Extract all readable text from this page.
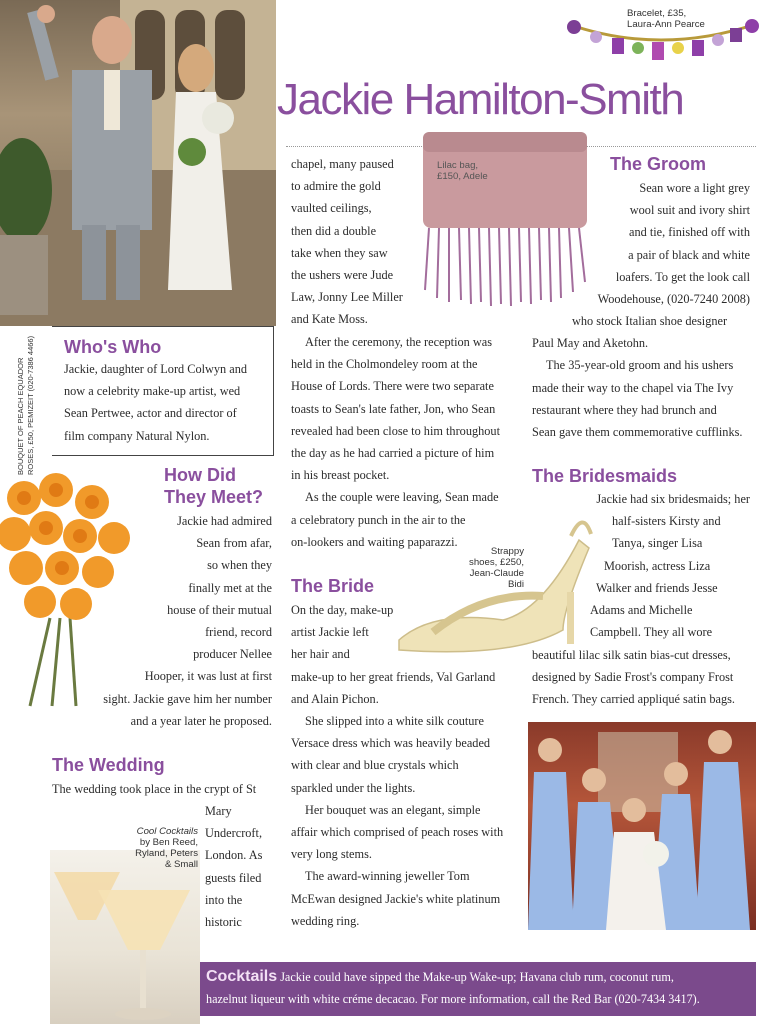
Bracelet, £35,
Laura-Ann Pearce
Jackie Hamilton-Smith
Lilac bag,
£150, Adele
BOUQUET OF PEACH EQUADOR ROSES, £50, PEMIZEIT (020-7386 4466) Who's Who
Jackie, daughter of Lord Colwyn and
now a celebrity make-up artist, wed
Sean Pertwee, actor and director of
film company Natural Nylon.
How Did
They Meet?
Jackie had admired
Sean from afar,
so when they
finally met at the
house of their mutual
friend, record
producer Nellee
Hooper, it was lust at first
sight. Jackie gave him her number
and a year later he proposed.
The Wedding
The wedding took place in the crypt of St
Mary
Undercroft,
London. As
guests filed
into the
historic
Cool Cocktails
by Ben Reed,
Ryland, Peters
& Small
chapel, many paused
to admire the gold
vaulted ceilings,
then did a double
take when they saw
the ushers were Jude
Law, Jonny Lee Miller
and Kate Moss.
After the ceremony, the reception was
held in the Cholmondeley room at the
House of Lords. There were two separate
toasts to Sean's late father, Jon, who Sean
revealed had been close to him throughout
the day as he had carried a picture of him
in his breast pocket.
As the couple were leaving, Sean made
a celebratory punch in the air to the
on-lookers and waiting paparazzi.
Strappy
shoes, £250,
Jean-Claude
Bidi
The Bride
On the day, make-up
artist Jackie left
her hair and
make-up to her great friends, Val Garland
and Alain Pichon.
She slipped into a white silk couture
Versace dress which was heavily beaded
with clear and blue crystals which
sparkled under the lights.
Her bouquet was an elegant, simple
affair which comprised of peach roses with
very long stems.
The award-winning jeweller Tom
McEwan designed Jackie's white platinum
wedding ring.
The Groom
Sean wore a light grey
wool suit and ivory shirt
and tie, finished off with
a pair of black and white
loafers. To get the look call
Woodehouse, (020-7240 2008)
who stock Italian shoe designer
Paul May and Aketohn.
The 35-year-old groom and his ushers
made their way to the chapel via The Ivy
restaurant where they had brunch and
Sean gave them commemorative cufflinks.
The Bridesmaids
Jackie had six bridesmaids; her
half-sisters Kirsty and
Tanya, singer Lisa
Moorish, actress Liza
Walker and friends Jesse
Adams and Michelle
Campbell. They all wore
beautiful lilac silk satin bias-cut dresses,
designed by Sadie Frost's company Frost
French. They carried appliqué satin bags.
Cocktails Jackie could have sipped the Make-up Wake-up; Havana club rum, coconut rum,
hazelnut liqueur with white créme decacao. For more information, call the Red Bar (020-7434 3417).
